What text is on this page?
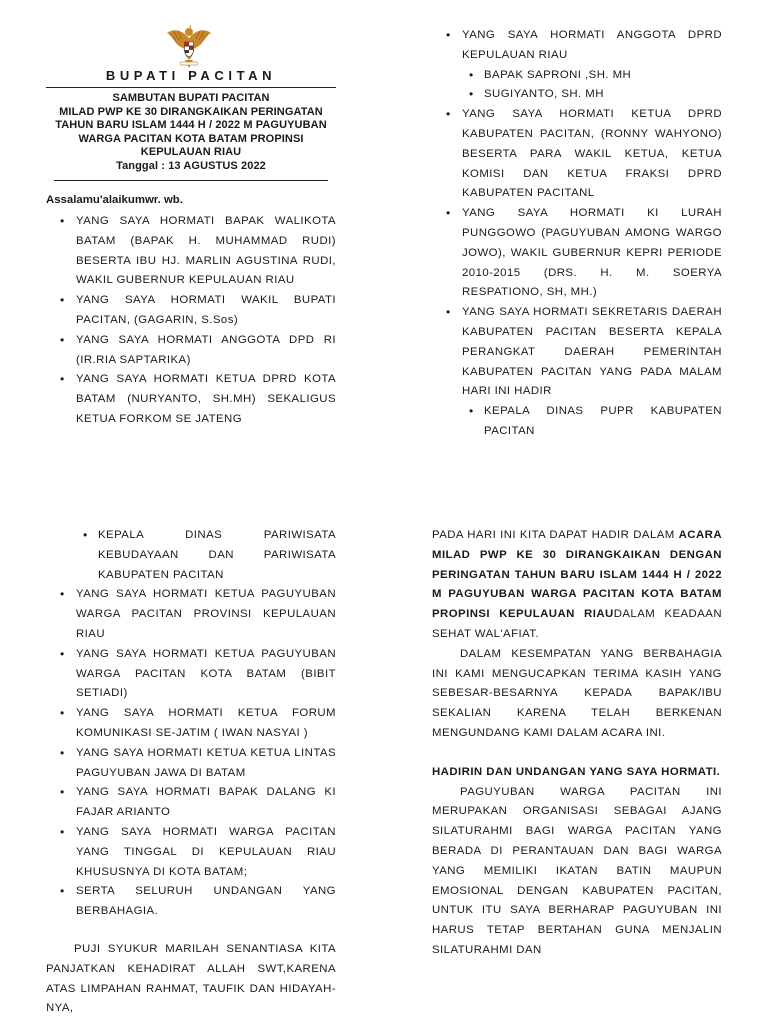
BUPATI PACITAN
SAMBUTAN BUPATI PACITAN
MILAD PWP KE 30 DIRANGKAIKAN PERINGATAN
TAHUN BARU ISLAM 1444 H / 2022 M PAGUYUBAN
WARGA PACITAN KOTA BATAM PROPINSI
KEPULAUAN RIAU
Tanggal : 13 AGUSTUS 2022
Assalamu'alaikumwr. wb.
• YANG SAYA HORMATI BAPAK WALIKOTA BATAM (BAPAK H. MUHAMMAD RUDI) BESERTA IBU HJ. MARLIN AGUSTINA RUDI, WAKIL GUBERNUR KEPULAUAN RIAU
• YANG SAYA HORMATI WAKIL BUPATI PACITAN, (GAGARIN, S.Sos)
• YANG SAYA HORMATI ANGGOTA DPD RI (IR.RIA SAPTARIKA)
• YANG SAYA HORMATI KETUA DPRD KOTA BATAM (NURYANTO, SH.MH) SEKALIGUS KETUA FORKOM SE JATENG
• YANG SAYA HORMATI ANGGOTA DPRD KEPULAUAN RIAU
• BAPAK SAPRONI ,SH. MH
• SUGIYANTO, SH. MH
• YANG SAYA HORMATI KETUA DPRD KABUPATEN PACITAN, (RONNY WAHYONO) BESERTA PARA WAKIL KETUA, KETUA KOMISI DAN KETUA FRAKSI DPRD KABUPATEN PACITANL
• YANG SAYA HORMATI KI LURAH PUNGGOWO (PAGUYUBAN AMONG WARGO JOWO), WAKIL GUBERNUR KEPRI PERIODE 2010-2015 (DRS. H. M. SOERYA RESPATIONO, SH, MH.)
• YANG SAYA HORMATI SEKRETARIS DAERAH KABUPATEN PACITAN BESERTA KEPALA PERANGKAT DAERAH PEMERINTAH KABUPATEN PACITAN YANG PADA MALAM HARI INI HADIR
• KEPALA DINAS PUPR KABUPATEN PACITAN
• KEPALA DINAS PARIWISATA KEBUDAYAAN DAN PARIWISATA KABUPATEN PACITAN
• YANG SAYA HORMATI KETUA PAGUYUBAN WARGA PACITAN PROVINSI KEPULAUAN RIAU
• YANG SAYA HORMATI KETUA PAGUYUBAN WARGA PACITAN KOTA BATAM (BIBIT SETIADI)
• YANG SAYA HORMATI KETUA FORUM KOMUNIKASI SE-JATIM ( IWAN NASYAI )
• YANG SAYA HORMATI KETUA KETUA LINTAS PAGUYUBAN JAWA DI BATAM
• YANG SAYA HORMATI BAPAK DALANG KI FAJAR ARIANTO
• YANG SAYA HORMATI WARGA PACITAN YANG TINGGAL DI KEPULAUAN RIAU KHUSUSNYA DI KOTA BATAM;
• SERTA SELURUH UNDANGAN YANG BERBAHAGIA.

PUJI SYUKUR MARILAH SENANTIASA KITA PANJATKAN KEHADIRAT ALLAH SWT,KARENA ATAS LIMPAHAN RAHMAT, TAUFIK DAN HIDAYAH-NYA,

PADA HARI INI KITA DAPAT HADIR DALAM ACARA MILAD PWP KE 30 DIRANGKAIKAN DENGAN PERINGATAN TAHUN BARU ISLAM 1444 H / 2022 M PAGUYUBAN WARGA PACITAN KOTA BATAM PROPINSI KEPULAUAN RIAUDALAM KEADAAN SEHAT WAL'AFIAT.

DALAM KESEMPATAN YANG BERBAHAGIA INI KAMI MENGUCAPKAN TERIMA KASIH YANG SEBESAR-BESARNYA KEPADA BAPAK/IBU SEKALIAN KARENA TELAH BERKENAN MENGUNDANG KAMI DALAM ACARA INI.

HADIRIN DAN UNDANGAN YANG SAYA HORMATI.

PAGUYUBAN WARGA PACITAN INI MERUPAKAN ORGANISASI SEBAGAI AJANG SILATURAHMI BAGI WARGA PACITAN YANG BERADA DI PERANTAUAN DAN BAGI WARGA YANG MEMILIKI IKATAN BATIN MAUPUN EMOSIONAL DENGAN KABUPATEN PACITAN, UNTUK ITU SAYA BERHARAP PAGUYUBAN INI HARUS TETAP BERTAHAN GUNA MENJALIN SILATURAHMI DAN
